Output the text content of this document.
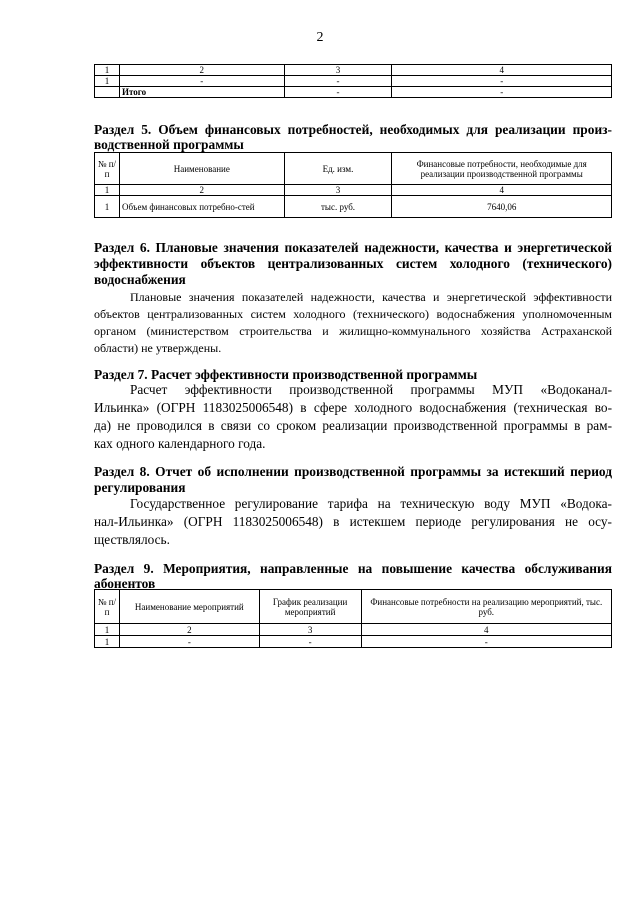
2
1	2	3	4
1	-	-	-
	Итого	-	-
Раздел 5. Объем финансовых потребностей, необходимых для реализации произ-
водственной программы
№ п/п	Наименование	Ед. изм.	Финансовые потребности, необходимые для реализации производственной программы
1	2	3	4
1	Объем финансовых потребно-стей	тыс. руб.	7640,06
Раздел 6. Плановые значения показателей надежности, качества и энергетической
эффективности объектов централизованных систем холодного (технического)
водоснабжения
Плановые значения показателей надежности, качества и энергетической эффективности
объектов централизованных систем холодного (технического) водоснабжения уполномоченным
органом (министерством строительства и жилищно-коммунального хозяйства Астраханской
области) не утверждены.
Раздел 7. Расчет эффективности производственной программы
Расчет эффективности производственной программы МУП «Водоканал-
Ильинка» (ОГРН 1183025006548) в сфере холодного водоснабжения (техническая во-
да) не проводился в связи со сроком реализации производственной программы в рам-
ках одного календарного года.
Раздел 8. Отчет об исполнении производственной программы за истекший период
регулирования
Государственное регулирование тарифа на техническую воду МУП «Водока-
нал-Ильинка» (ОГРН 1183025006548) в истекшем периоде регулирования не осу-
ществлялось.
Раздел 9. Мероприятия, направленные на повышение качества обслуживания
абонентов
№ п/п	Наименование мероприятий	График реализации мероприятий	Финансовые потребности на реализацию мероприятий, тыс. руб.
1	2	3	4
1	-	-	-
